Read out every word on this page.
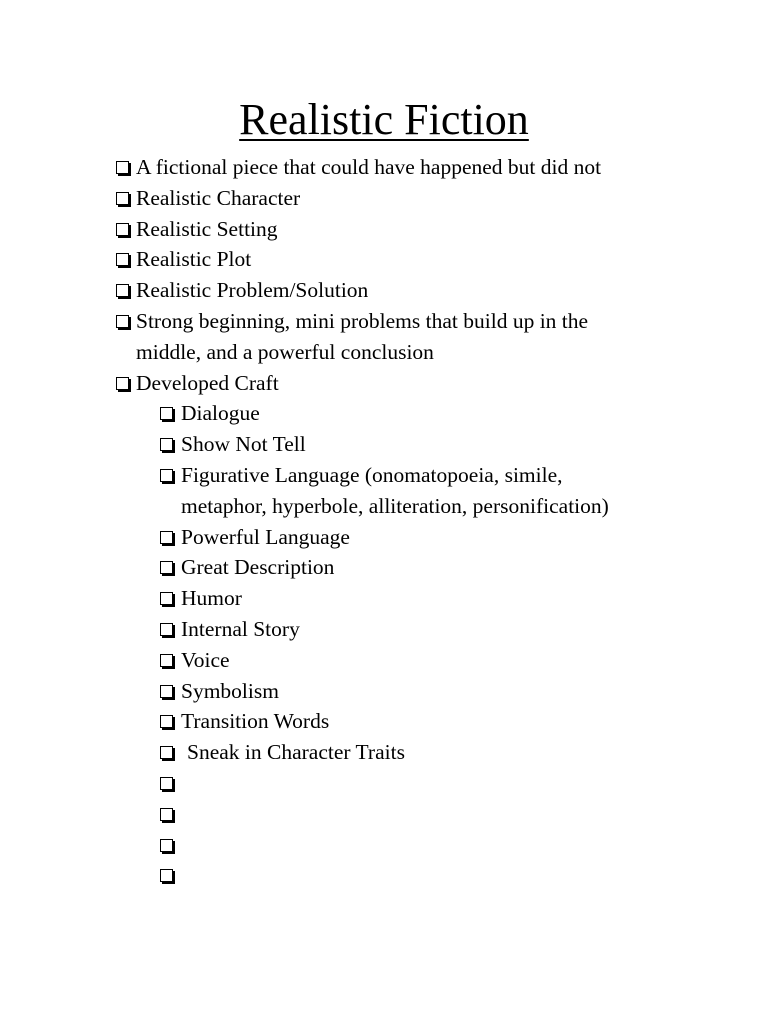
Realistic Fiction
A fictional piece that could have happened but did not
Realistic Character
Realistic Setting
Realistic Plot
Realistic Problem/Solution
Strong beginning, mini problems that build up in the middle, and a powerful conclusion
Developed Craft
Dialogue
Show Not Tell
Figurative Language (onomatopoeia, simile, metaphor, hyperbole, alliteration, personification)
Powerful Language
Great Description
Humor
Internal Story
Voice
Symbolism
Transition Words
Sneak in Character Traits
